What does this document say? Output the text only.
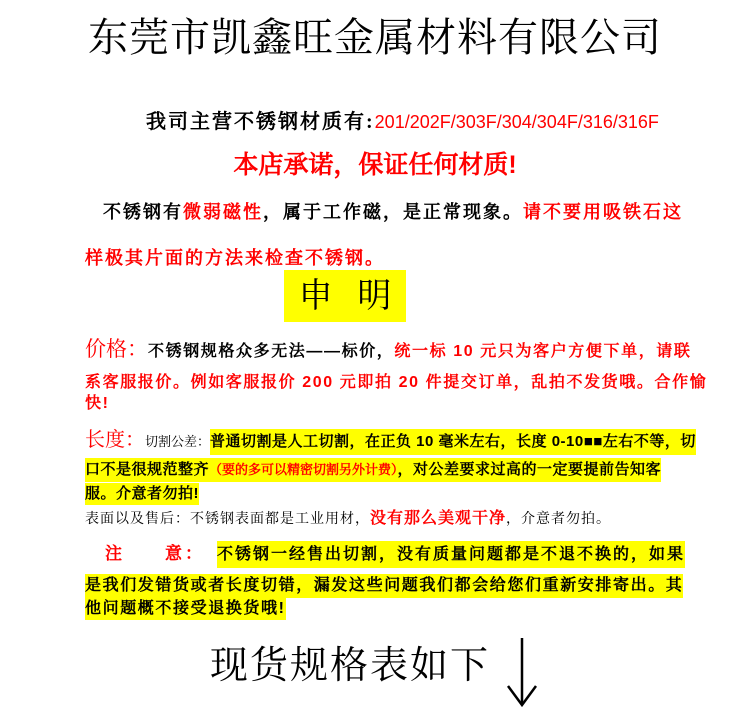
东莞市凯鑫旺金属材料有限公司
我司主营不锈钢材质有:201/202F/303F/304/304F/316/316F
本店承诺，保证任何材质!
不锈钢有微弱磁性，属于工作磁，是正常现象。请不要用吸铁石这
样极其片面的方法来检查不锈钢。
申 明
价格：不锈钢规格众多无法——标价，统一标 10 元只为客户方便下单，请联
系客服报价。例如客服报价 200 元即拍 20 件提交订单，乱拍不发货哦。合作愉
快!
长度：切割公差：普通切割是人工切割，在正负 10 毫米左右，长度 0-10■■左右不等，切
口不是很规范整齐（要的多可以精密切割另外计费），对公差要求过高的一定要提前告知客
服。介意者勿拍!
表面以及售后：不锈钢表面都是工业用材，没有那么美观干净，介意者勿拍。
注　　意： 不锈钢一经售出切割，没有质量问题都是不退不换的，如果
是我们发错货或者长度切错，漏发这些问题我们都会给您们重新安排寄出。其
他问题概不接受退换货哦!
现货规格表如下
